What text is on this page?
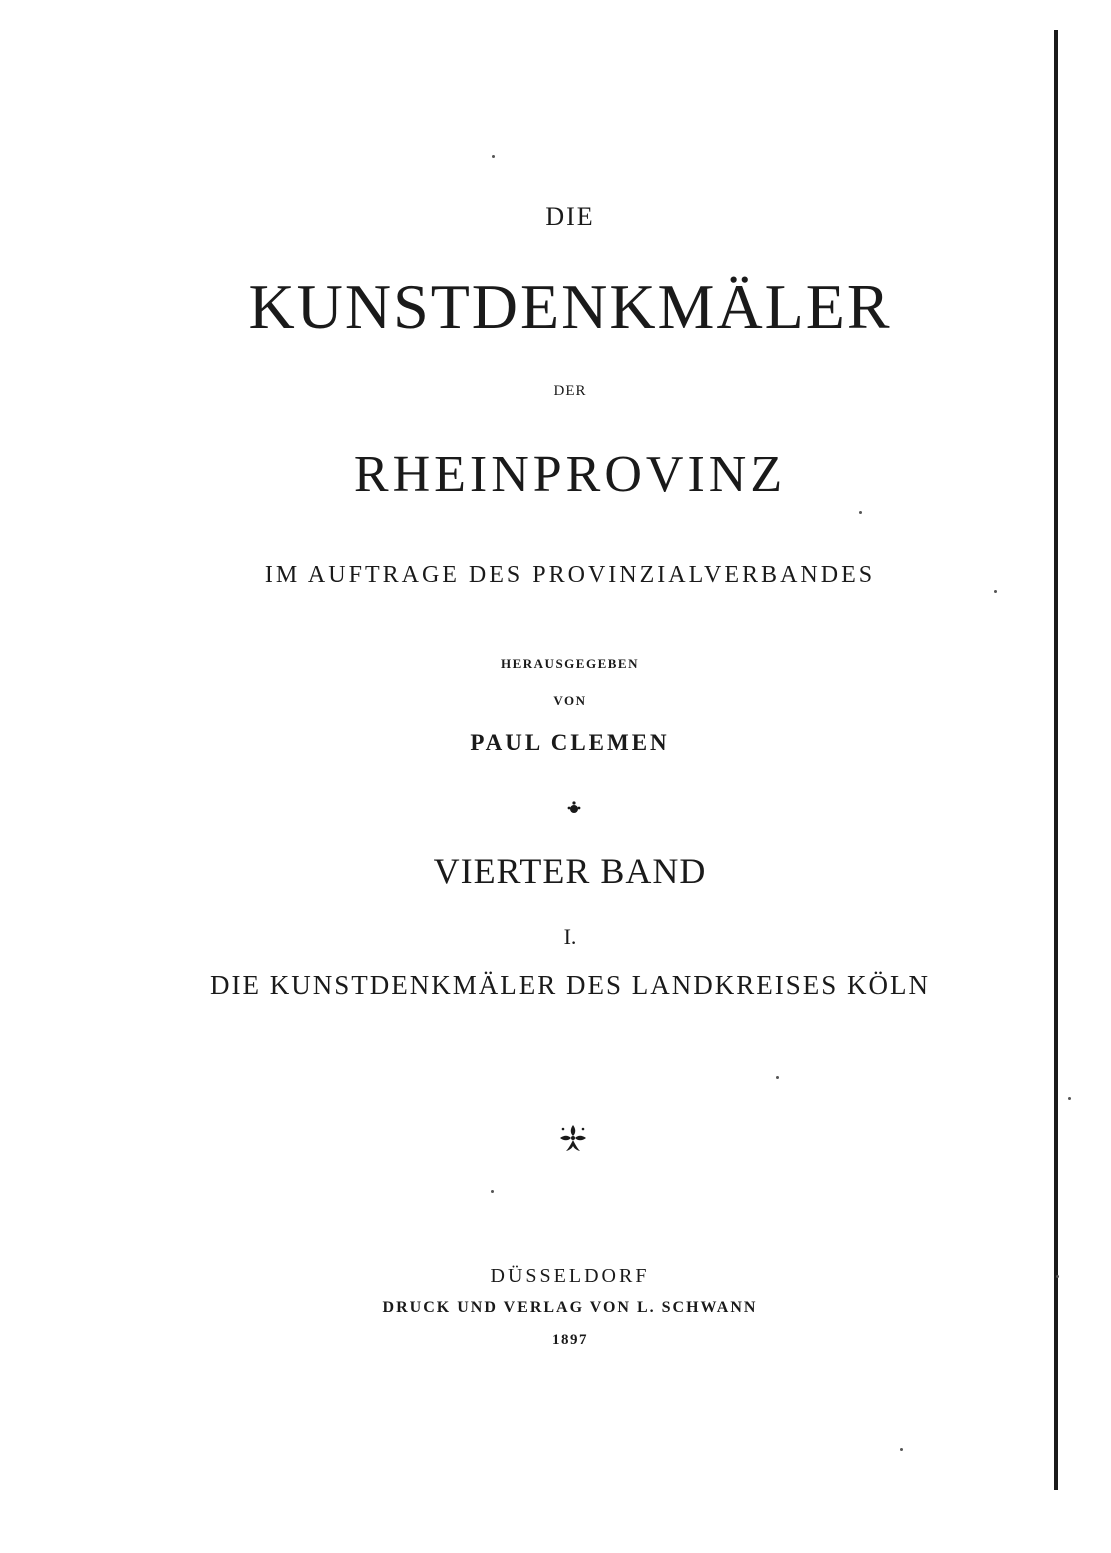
DIE
KUNSTDENKMÄLER
DER
RHEINPROVINZ
IM AUFTRAGE DES PROVINZIALVERBANDES
HERAUSGEGEBEN
VON
PAUL CLEMEN
VIERTER BAND
I.
DIE KUNSTDENKMÄLER DES LANDKREISES KÖLN
DÜSSELDORF
DRUCK UND VERLAG VON L. SCHWANN
1897
